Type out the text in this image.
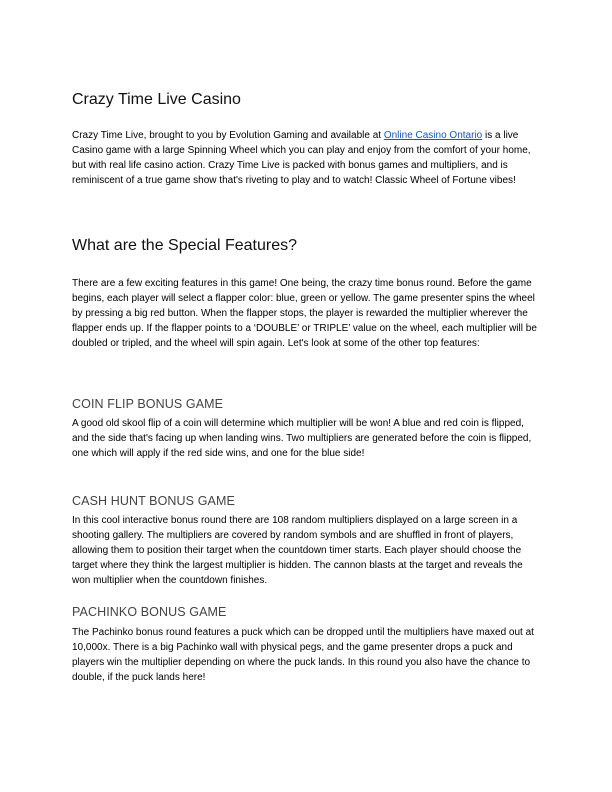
Crazy Time Live Casino

Crazy Time Live, brought to you by Evolution Gaming and available at Online Casino Ontario is a live Casino game with a large Spinning Wheel which you can play and enjoy from the comfort of your home, but with real life casino action. Crazy Time Live is packed with bonus games and multipliers, and is reminiscent of a true game show that's riveting to play and to watch! Classic Wheel of Fortune vibes!

What are the Special Features?

There are a few exciting features in this game! One being, the crazy time bonus round. Before the game begins, each player will select a flapper color: blue, green or yellow. The game presenter spins the wheel by pressing a big red button. When the flapper stops, the player is rewarded the multiplier wherever the flapper ends up. If the flapper points to a ‘DOUBLE’ or TRIPLE’ value on the wheel, each multiplier will be doubled or tripled, and the wheel will spin again. Let's look at some of the other top features:

COIN FLIP BONUS GAME

A good old skool flip of a coin will determine which multiplier will be won! A blue and red coin is flipped, and the side that's facing up when landing wins. Two multipliers are generated before the coin is flipped, one which will apply if the red side wins, and one for the blue side!

CASH HUNT BONUS GAME

In this cool interactive bonus round there are 108 random multipliers displayed on a large screen in a shooting gallery. The multipliers are covered by random symbols and are shuffled in front of players, allowing them to position their target when the countdown timer starts. Each player should choose the target where they think the largest multiplier is hidden. The cannon blasts at the target and reveals the won multiplier when the countdown finishes.

PACHINKO BONUS GAME

The Pachinko bonus round features a puck which can be dropped until the multipliers have maxed out at 10,000x. There is a big Pachinko wall with physical pegs, and the game presenter drops a puck and players win the multiplier depending on where the puck lands. In this round you also have the chance to double, if the puck lands here!
